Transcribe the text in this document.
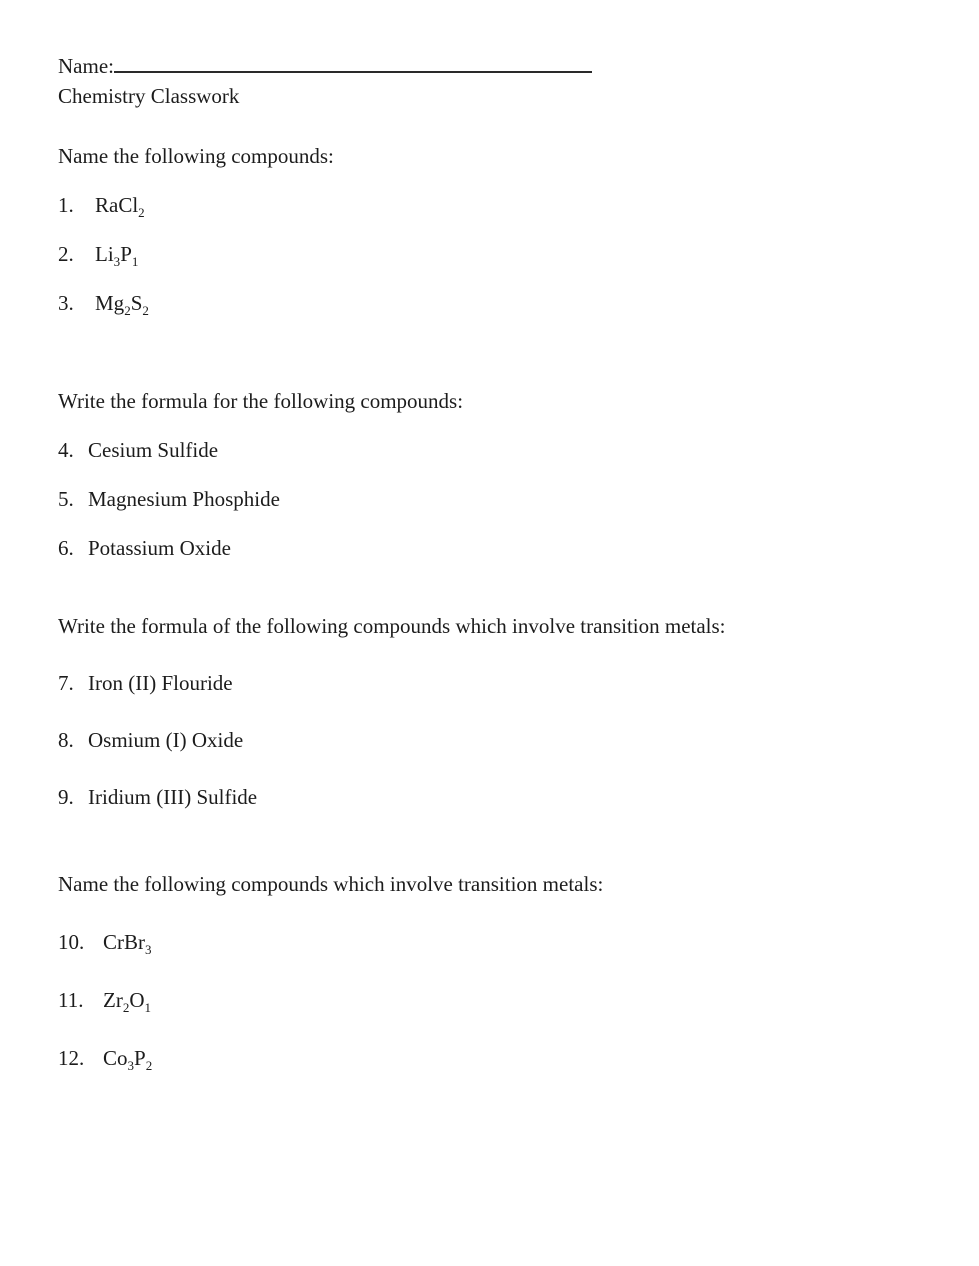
Name:
Chemistry Classwork

Name the following compounds:

1.	RaCl$_2$
2.	$Li_3P_1$
3.	$Mg_2S_2$

Write the formula for the following compounds:

4. Cesium Sulfide
5. Magnesium Phosphide
6. Potassium Oxide

Write the formula of the following compounds which involve transition metals:

7. Iron (II) Flouride
8. Osmium (I) Oxide
9. Iridium (III) Sulfide

Name the following compounds which involve transition metals:

10. CrBr$_3$
11. $Zr_2O_1$
12. $Co_3P_2$
